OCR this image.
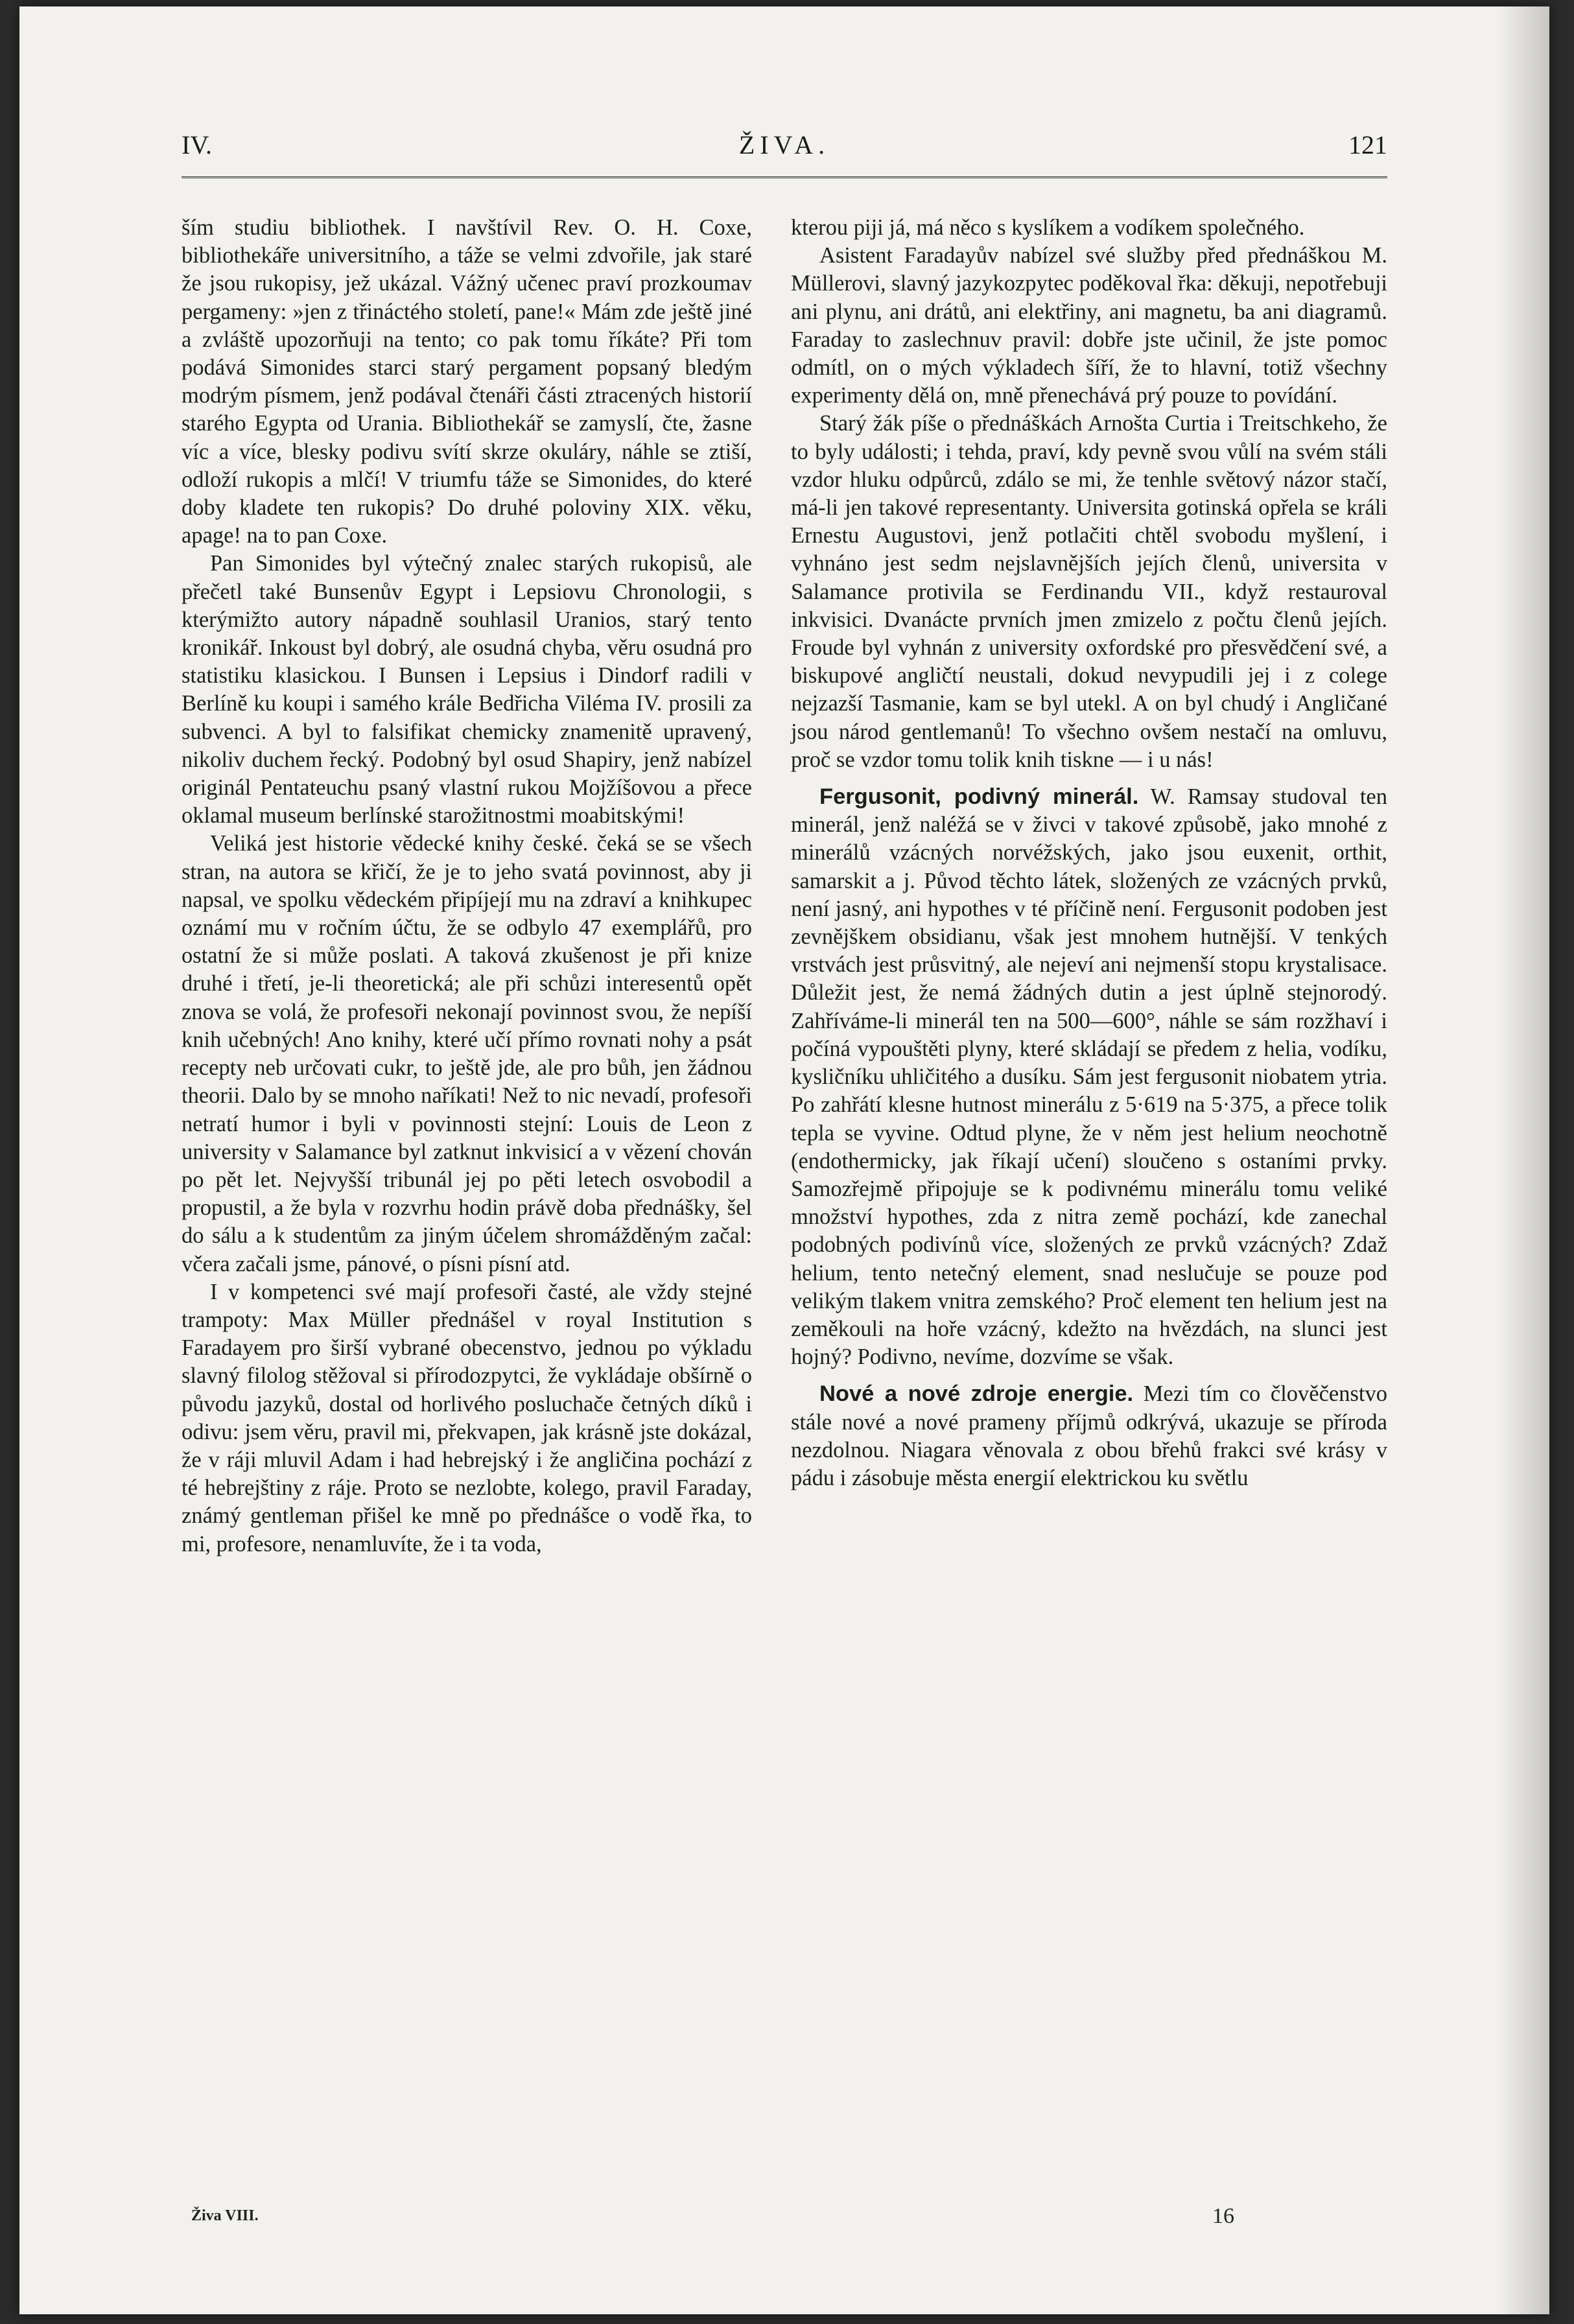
IV.	ŽIVA.	121

ším studiu bibliothek. I navštívil Rev. O. H. Coxe, bibliothekáře universitního, a táže se velmi zdvořile, jak staré že jsou rukopisy, jež ukázal. Vážný učenec praví prozkoumav pergameny: »jen z třináctého století, pane!« Mám zde ještě jiné a zvláště upozorňuji na tento; co pak tomu říkáte? Při tom podává Simonides starci starý pergament popsaný bledým modrým písmem, jenž podával čtenáři části ztracených historií starého Egypta od Urania. Bibliothekář se zamyslí, čte, žasne víc a více, blesky podivu svítí skrze okuláry, náhle se ztiší, odloží rukopis a mlčí! V triumfu táže se Simonides, do které doby kladete ten rukopis? Do druhé poloviny XIX. věku, apage! na to pan Coxe.

Pan Simonides byl výtečný znalec starých rukopisů, ale přečetl také Bunsenův Egypt i Lepsiovu Chronologii, s kterýmižto autory nápadně souhlasil Uranios, starý tento kronikář. Inkoust byl dobrý, ale osudná chyba, věru osudná pro statistiku klasickou. I Bunsen i Lepsius i Dindorf radili v Berlíně ku koupi i samého krále Bedřicha Viléma IV. prosili za subvenci. A byl to falsifikat chemicky znamenitě upravený, nikoliv duchem řecký. Podobný byl osud Shapiry, jenž nabízel originál Pentateuchu psaný vlastní rukou Mojžíšovou a přece oklamal museum berlínské starožitnostmi moabitskými!

Veliká jest historie vědecké knihy české. čeká se se všech stran, na autora se křičí, že je to jeho svatá povinnost, aby ji napsal, ve spolku vědeckém připíjejí mu na zdraví a knihkupec oznámí mu v ročním účtu, že se odbylo 47 exemplářů, pro ostatní že si může poslati. A taková zkušenost je při knize druhé i třetí, je-li theoretická; ale při schůzi interesentů opět znova se volá, že profesoři nekonají povinnost svou, že nepíší knih učebných! Ano knihy, které učí přímo rovnati nohy a psát recepty neb určovati cukr, to ještě jde, ale pro bůh, jen žádnou theorii. Dalo by se mnoho naříkati! Než to nic nevadí, profesoři netratí humor i byli v povinnosti stejní: Louis de Leon z university v Salamance byl zatknut inkvisicí a v vězení chován po pět let. Nejvyšší tribunál jej po pěti letech osvobodil a propustil, a že byla v rozvrhu hodin právě doba přednášky, šel do sálu a k studentům za jiným účelem shromážděným začal: včera začali jsme, pánové, o písni písní atd.

I v kompetenci své mají profesoři časté, ale vždy stejné trampoty: Max Müller přednášel v royal Institution s Faradayem pro širší vybrané obecenstvo, jednou po výkladu slavný filolog stěžoval si přírodozpytci, že vykládaje obšírně o původu jazyků, dostal od horlivého posluchače četných díků i odivu: jsem věru, pravil mi, překvapen, jak krásně jste dokázal, že v ráji mluvil Adam i had hebrejský i že angličina pochází z té hebrejštiny z ráje. Proto se nezlobte, kolego, pravil Faraday, známý gentleman přišel ke mně po přednášce o vodě řka, to mi, profesore, nenamluvíte, že i ta voda,

kterou piji já, má něco s kyslíkem a vodíkem společného.

Asistent Faradayův nabízel své služby před přednáškou M. Müllerovi, slavný jazykozpytec poděkoval řka: děkuji, nepotřebuji ani plynu, ani drátů, ani elektřiny, ani magnetu, ba ani diagramů. Faraday to zaslechnuv pravil: dobře jste učinil, že jste pomoc odmítl, on o mých výkladech šíří, že to hlavní, totiž všechny experimenty dělá on, mně přenechává prý pouze to povídání.

Starý žák píše o přednáškách Arnošta Curtia i Treitschkeho, že to byly události; i tehda, praví, kdy pevně svou vůlí na svém stáli vzdor hluku odpůrců, zdálo se mi, že tenhle světový názor stačí, má-li jen takové representanty. Universita gotinská opřela se králi Ernestu Augustovi, jenž potlačiti chtěl svobodu myšlení, i vyhnáno jest sedm nejslavnějších jejích členů, universita v Salamance protivila se Ferdinandu VII., když restauroval inkvisici. Dvanácte prvních jmen zmizelo z počtu členů jejích. Froude byl vyhnán z university oxfordské pro přesvědčení své, a biskupové angličtí neustali, dokud nevypudili jej i z colege nejzazší Tasmanie, kam se byl utekl. A on byl chudý i Angličané jsou národ gentlemanů! To všechno ovšem nestačí na omluvu, proč se vzdor tomu tolik knih tiskne — i u nás!

Fergusonit, podivný minerál. W. Ramsay studoval ten minerál, jenž naléžá se v živci v takové způsobě, jako mnohé z minerálů vzácných norvéžských, jako jsou euxenit, orthit, samarskit a j. Původ těchto látek, složených ze vzácných prvků, není jasný, ani hypothes v té příčině není. Fergusonit podoben jest zevnějškem obsidianu, však jest mnohem hutnější. V tenkých vrstvách jest průsvitný, ale nejeví ani nejmenší stopu krystalisace. Důležit jest, že nemá žádných dutin a jest úplně stejnorodý. Zahříváme-li minerál ten na 500—600°, náhle se sám rozžhaví i počíná vypouštěti plyny, které skládají se předem z helia, vodíku, kysličníku uhličitého a dusíku. Sám jest fergusonit niobatem ytria. Po zahřátí klesne hutnost minerálu z 5·619 na 5·375, a přece tolik tepla se vyvine. Odtud plyne, že v něm jest helium neochotně (endothermicky, jak říkají učení) sloučeno s ostaními prvky. Samozřejmě připojuje se k podivnému minerálu tomu veliké množství hypothes, zda z nitra země pochází, kde zanechal podobných podivínů více, složených ze prvků vzácných? Zdaž helium, tento netečný element, snad neslučuje se pouze pod velikým tlakem vnitra zemského? Proč element ten helium jest na zeměkouli na hoře vzácný, kdežto na hvězdách, na slunci jest hojný? Podivno, nevíme, dozvíme se však.

Nové a nové zdroje energie. Mezi tím co člověčenstvo stále nové a nové prameny příjmů odkrývá, ukazuje se příroda nezdolnou. Niagara věnovala z obou břehů frakci své krásy v pádu i zásobuje města energií elektrickou ku světlu

Živa VIII.	16
